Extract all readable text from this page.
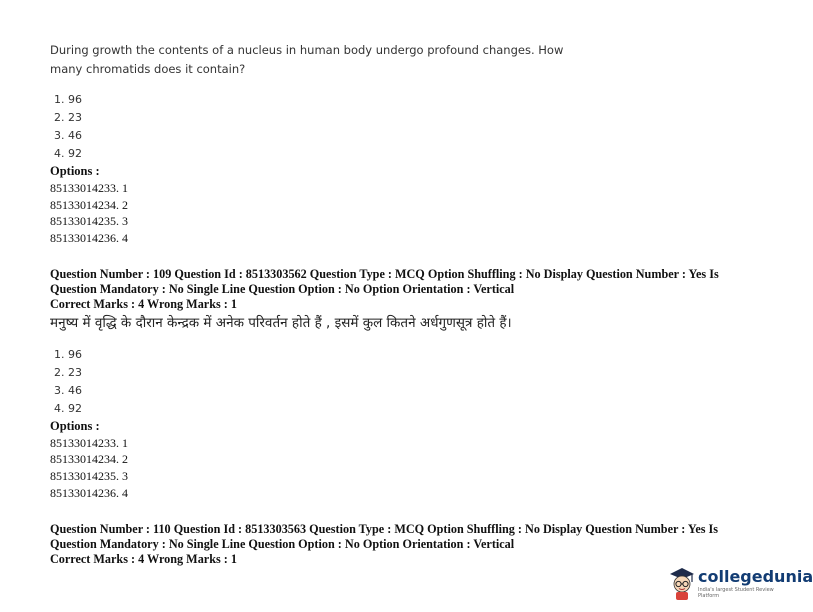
During growth the contents of a nucleus in human body undergo profound changes. How
many chromatids does it contain?
1. 96
2. 23
3. 46
4. 92
Options :
85133014233. 1
85133014234. 2
85133014235. 3
85133014236. 4
Question Number : 109 Question Id : 8513303562 Question Type : MCQ Option Shuffling : No Display Question Number : Yes Is
Question Mandatory : No Single Line Question Option : No Option Orientation : Vertical
Correct Marks : 4 Wrong Marks : 1
मनुष्य में वृद्धि के दौरान केन्द्रक में अनेक परिवर्तन होते हैं , इसमें कुल कितने अर्धगुणसूत्र होते हैं।
1. 96
2. 23
3. 46
4. 92
Options :
85133014233. 1
85133014234. 2
85133014235. 3
85133014236. 4
Question Number : 110 Question Id : 8513303563 Question Type : MCQ Option Shuffling : No Display Question Number : Yes Is
Question Mandatory : No Single Line Question Option : No Option Orientation : Vertical
Correct Marks : 4 Wrong Marks : 1
collegedunia
India's largest Student Review Platform
